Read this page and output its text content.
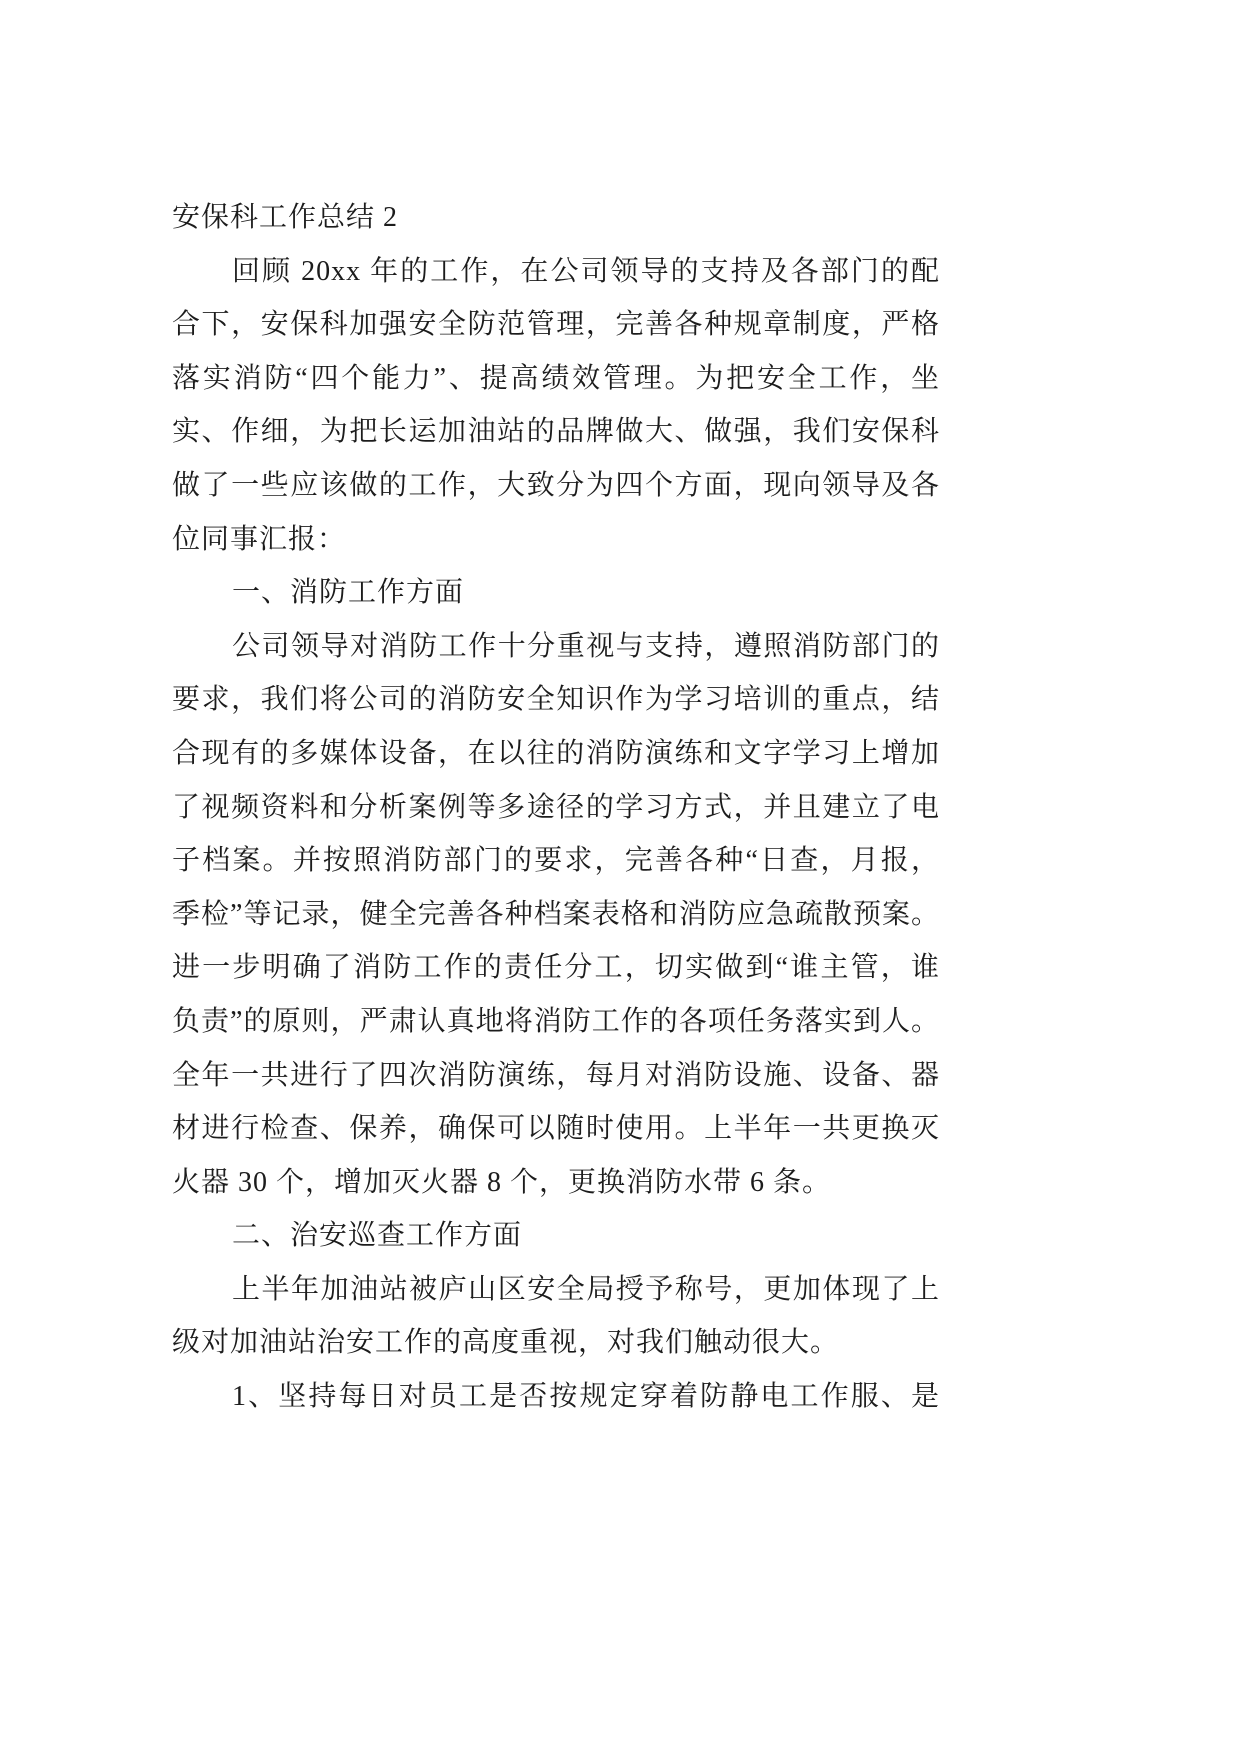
安保科工作总结 2
回顾 20xx 年的工作，在公司领导的支持及各部门的配
合下，安保科加强安全防范管理，完善各种规章制度，严格
落实消防“四个能力”、提高绩效管理。为把安全工作，坐
实、作细，为把长运加油站的品牌做大、做强，我们安保科
做了一些应该做的工作，大致分为四个方面，现向领导及各
位同事汇报：
一、消防工作方面
公司领导对消防工作十分重视与支持，遵照消防部门的
要求，我们将公司的消防安全知识作为学习培训的重点，结
合现有的多媒体设备，在以往的消防演练和文字学习上增加
了视频资料和分析案例等多途径的学习方式，并且建立了电
子档案。并按照消防部门的要求，完善各种“日查，月报，
季检”等记录，健全完善各种档案表格和消防应急疏散预案。
进一步明确了消防工作的责任分工，切实做到“谁主管，谁
负责”的原则，严肃认真地将消防工作的各项任务落实到人。
全年一共进行了四次消防演练，每月对消防设施、设备、器
材进行检查、保养，确保可以随时使用。上半年一共更换灭
火器 30 个，增加灭火器 8 个，更换消防水带 6 条。
二、治安巡查工作方面
上半年加油站被庐山区安全局授予称号，更加体现了上
级对加油站治安工作的高度重视，对我们触动很大。
1、坚持每日对员工是否按规定穿着防静电工作服、是
